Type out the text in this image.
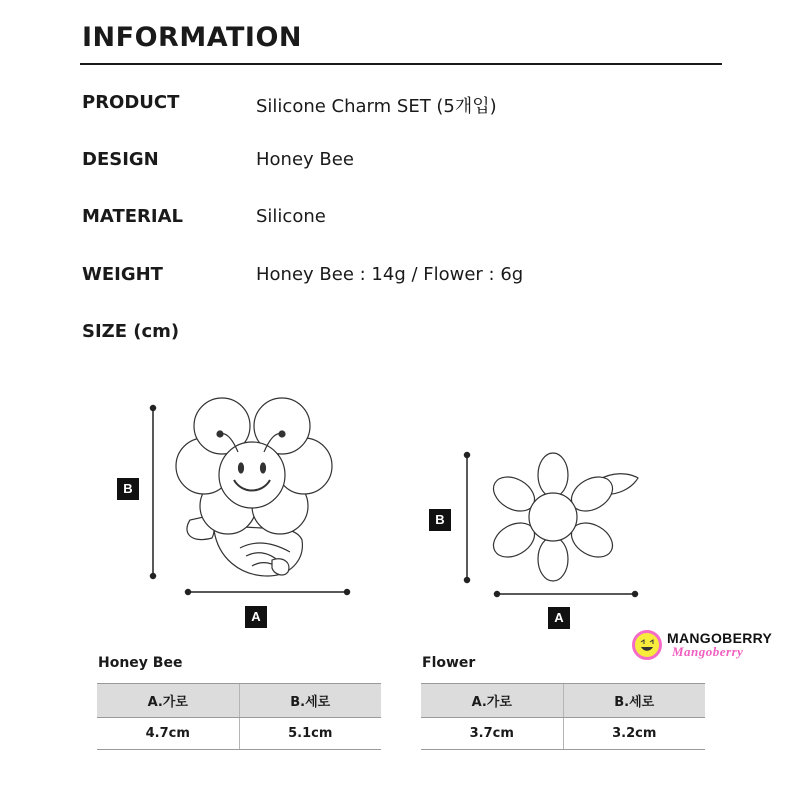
INFORMATION
PRODUCT	Silicone Charm SET (5개입)
DESIGN	Honey Bee
MATERIAL	Silicone
WEIGHT	Honey Bee : 14g / Flower : 6g
SIZE (cm)
B
A
B
A
Honey Bee
A.가로	B.세로
4.7cm	5.1cm
Flower
A.가로	B.세로
3.7cm	3.2cm
MANGOBERRY
Mangoberry
